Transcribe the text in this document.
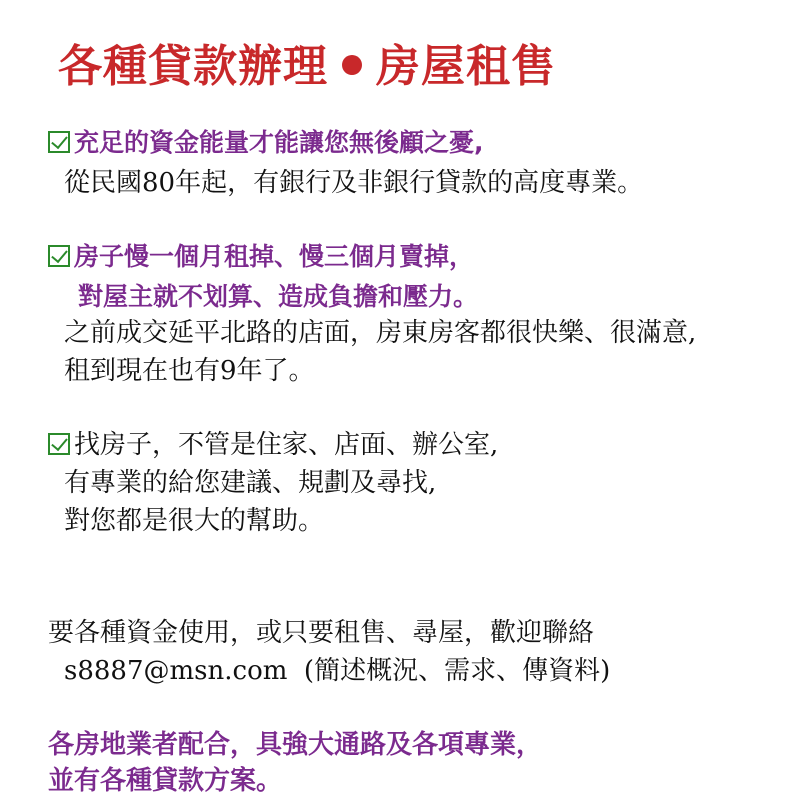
各種貸款辦理 房屋租售
充足的資金能量才能讓您無後顧之憂,
從民國80年起，有銀行及非銀行貸款的高度專業。
房子慢一個月租掉、慢三個月賣掉，
對屋主就不划算、造成負擔和壓力。
之前成交延平北路的店面，房東房客都很快樂、很滿意,
租到現在也有9年了。
找房子，不管是住家、店面、辦公室,
有專業的給您建議、規劃及尋找,
對您都是很大的幫助。
要各種資金使用，或只要租售、尋屋，歡迎聯絡
s8887@msn.com (簡述概況、需求、傳資料)
各房地業者配合，具強大通路及各項專業，
並有各種貸款方案。
